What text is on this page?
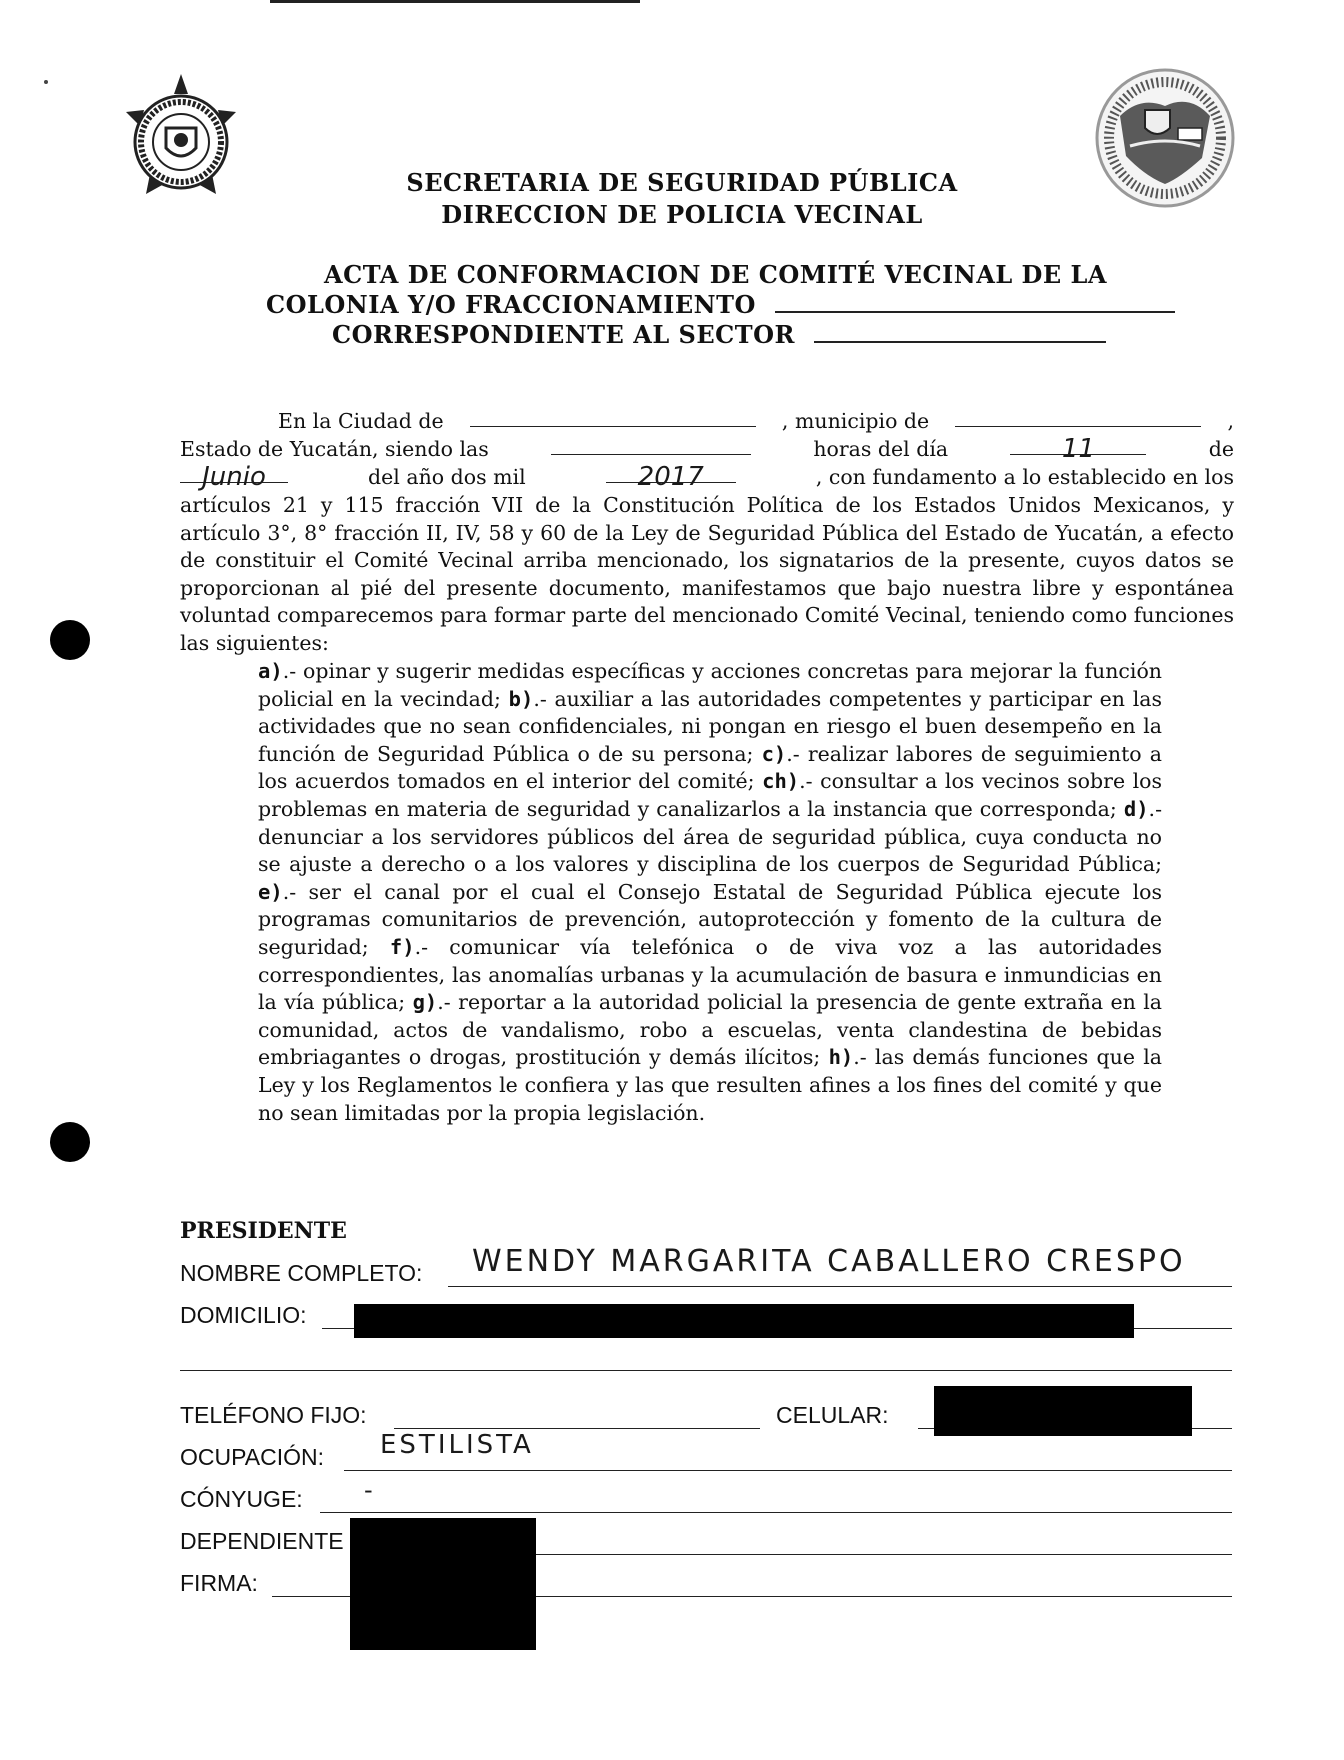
SECRETARIA DE SEGURIDAD PÚBLICA
DIRECCION DE POLICIA VECINAL
ACTA DE CONFORMACION DE COMITÉ VECINAL DE LA
COLONIA Y/O FRACCIONAMIENTO
CORRESPONDIENTE AL SECTOR
En la Ciudad de	, municipio de	,
Estado de Yucatán, siendo las	horas del día	11	de
Junio	del año dos mil	2017	, con fundamento a lo establecido en los
artículos 21 y 115 fracción VII de la Constitución Política de los Estados Unidos Mexicanos, y artículo 3°, 8° fracción II, IV, 58 y 60 de la Ley de Seguridad Pública del Estado de Yucatán, a efecto de constituir el Comité Vecinal arriba mencionado, los signatarios de la presente, cuyos datos se proporcionan al pié del presente documento, manifestamos que bajo nuestra libre y espontánea voluntad comparecemos para formar parte del mencionado Comité Vecinal, teniendo como funciones las siguientes:
a).- opinar y sugerir medidas específicas y acciones concretas para mejorar la función policial en la vecindad; b).- auxiliar a las autoridades competentes y participar en las actividades que no sean confidenciales, ni pongan en riesgo el buen desempeño en la función de Seguridad Pública o de su persona; c).- realizar labores de seguimiento a los acuerdos tomados en el interior del comité; ch).- consultar a los vecinos sobre los problemas en materia de seguridad y canalizarlos a la instancia que corresponda; d).- denunciar a los servidores públicos del área de seguridad pública, cuya conducta no se ajuste a derecho o a los valores y disciplina de los cuerpos de Seguridad Pública; e).- ser el canal por el cual el Consejo Estatal de Seguridad Pública ejecute los programas comunitarios de prevención, autoprotección y fomento de la cultura de seguridad; f).- comunicar vía telefónica o de viva voz a las autoridades correspondientes, las anomalías urbanas y la acumulación de basura e inmundicias en la vía pública; g).- reportar a la autoridad policial la presencia de gente extraña en la comunidad, actos de vandalismo, robo a escuelas, venta clandestina de bebidas embriagantes o drogas, prostitución y demás ilícitos; h).- las demás funciones que la Ley y los Reglamentos le confiera y las que resulten afines a los fines del comité y que no sean limitadas por la propia legislación.
PRESIDENTE
NOMBRE COMPLETO: WENDY MARGARITA CABALLERO CRESPO
DOMICILIO:
TELÉFONO FIJO:	CELULAR:
OCUPACIÓN: ESTILISTA
CÓNYUGE:	-
DEPENDIENTE
FIRMA:
